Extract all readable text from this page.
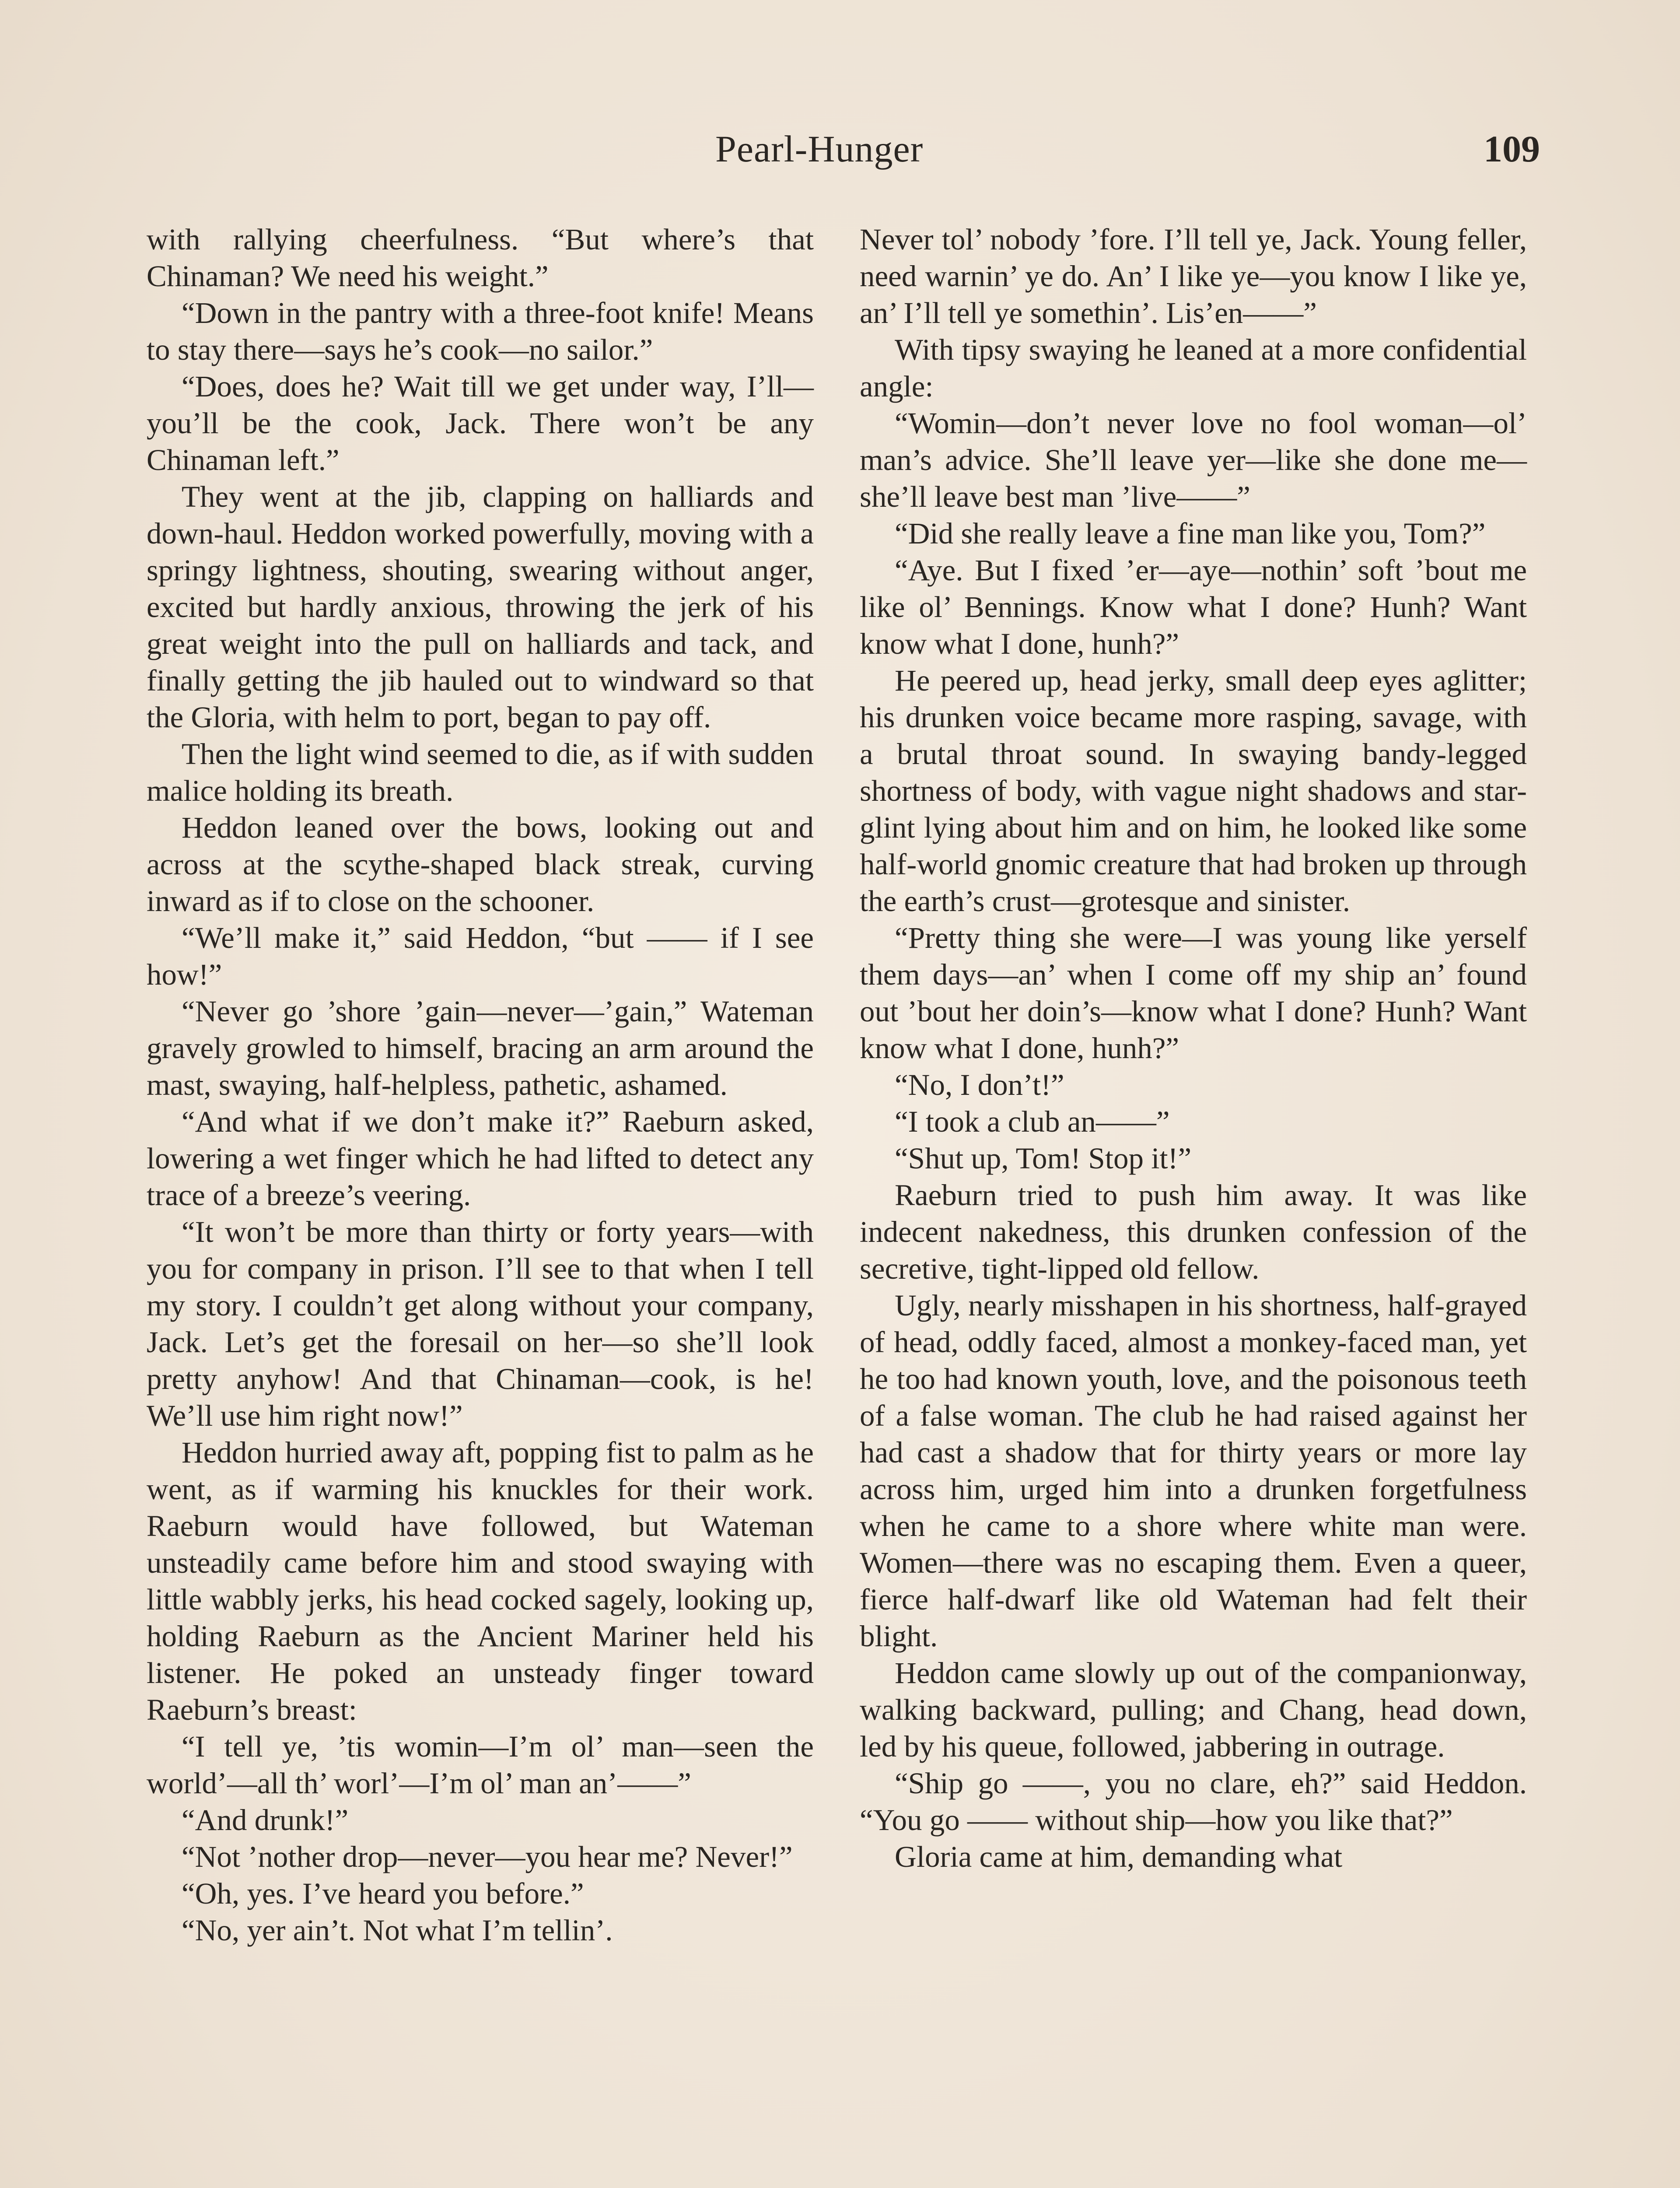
Pearl-Hunger	109

with rallying cheerfulness. “But where’s that Chinaman? We need his weight.”

“Down in the pantry with a three-foot knife! Means to stay there—says he’s cook—no sailor.”

“Does, does he? Wait till we get under way, I’ll—you’ll be the cook, Jack. There won’t be any Chinaman left.”

They went at the jib, clapping on halliards and down-haul. Heddon worked powerfully, moving with a springy lightness, shouting, swearing without anger, excited but hardly anxious, throwing the jerk of his great weight into the pull on halliards and tack, and finally getting the jib hauled out to windward so that the Gloria, with helm to port, began to pay off.

Then the light wind seemed to die, as if with sudden malice holding its breath.

Heddon leaned over the bows, looking out and across at the scythe-shaped black streak, curving inward as if to close on the schooner.

“We’ll make it,” said Heddon, “but —— if I see how!”

“Never go ’shore ’gain—never—’gain,” Wateman gravely growled to himself, bracing an arm around the mast, swaying, half-helpless, pathetic, ashamed.

“And what if we don’t make it?” Raeburn asked, lowering a wet finger which he had lifted to detect any trace of a breeze’s veering.

“It won’t be more than thirty or forty years—with you for company in prison. I’ll see to that when I tell my story. I couldn’t get along without your company, Jack. Let’s get the foresail on her—so she’ll look pretty anyhow! And that Chinaman—cook, is he! We’ll use him right now!”

Heddon hurried away aft, popping fist to palm as he went, as if warming his knuckles for their work. Raeburn would have followed, but Wateman unsteadily came before him and stood swaying with little wabbly jerks, his head cocked sagely, looking up, holding Raeburn as the Ancient Mariner held his listener. He poked an unsteady finger toward Raeburn’s breast:

“I tell ye, ’tis womin—I’m ol’ man—seen the world’—all th’ worl’—I’m ol’ man an’——”

“And drunk!”

“Not ’nother drop—never—you hear me? Never!”

“Oh, yes. I’ve heard you before.”

“No, yer ain’t. Not what I’m tellin’.

Never tol’ nobody ’fore. I’ll tell ye, Jack. Young feller, need warnin’ ye do. An’ I like ye—you know I like ye, an’ I’ll tell ye somethin’. Lis’en——”

With tipsy swaying he leaned at a more confidential angle:

“Womin—don’t never love no fool woman—ol’ man’s advice. She’ll leave yer—like she done me—she’ll leave best man ’live——”

“Did she really leave a fine man like you, Tom?”

“Aye. But I fixed ’er—aye—nothin’ soft ’bout me like ol’ Bennings. Know what I done? Hunh? Want know what I done, hunh?”

He peered up, head jerky, small deep eyes aglitter; his drunken voice became more rasping, savage, with a brutal throat sound. In swaying bandy-legged shortness of body, with vague night shadows and star-glint lying about him and on him, he looked like some half-world gnomic creature that had broken up through the earth’s crust—grotesque and sinister.

“Pretty thing she were—I was young like yerself them days—an’ when I come off my ship an’ found out ’bout her doin’s—know what I done? Hunh? Want know what I done, hunh?”

“No, I don’t!”

“I took a club an——”

“Shut up, Tom! Stop it!”

Raeburn tried to push him away. It was like indecent nakedness, this drunken confession of the secretive, tight-lipped old fellow.

Ugly, nearly misshapen in his shortness, half-grayed of head, oddly faced, almost a monkey-faced man, yet he too had known youth, love, and the poisonous teeth of a false woman. The club he had raised against her had cast a shadow that for thirty years or more lay across him, urged him into a drunken forgetfulness when he came to a shore where white man were. Women—there was no escaping them. Even a queer, fierce half-dwarf like old Wateman had felt their blight.

Heddon came slowly up out of the companionway, walking backward, pulling; and Chang, head down, led by his queue, followed, jabbering in outrage.

“Ship go ——, you no clare, eh?” said Heddon. “You go —— without ship—how you like that?”

Gloria came at him, demanding what
